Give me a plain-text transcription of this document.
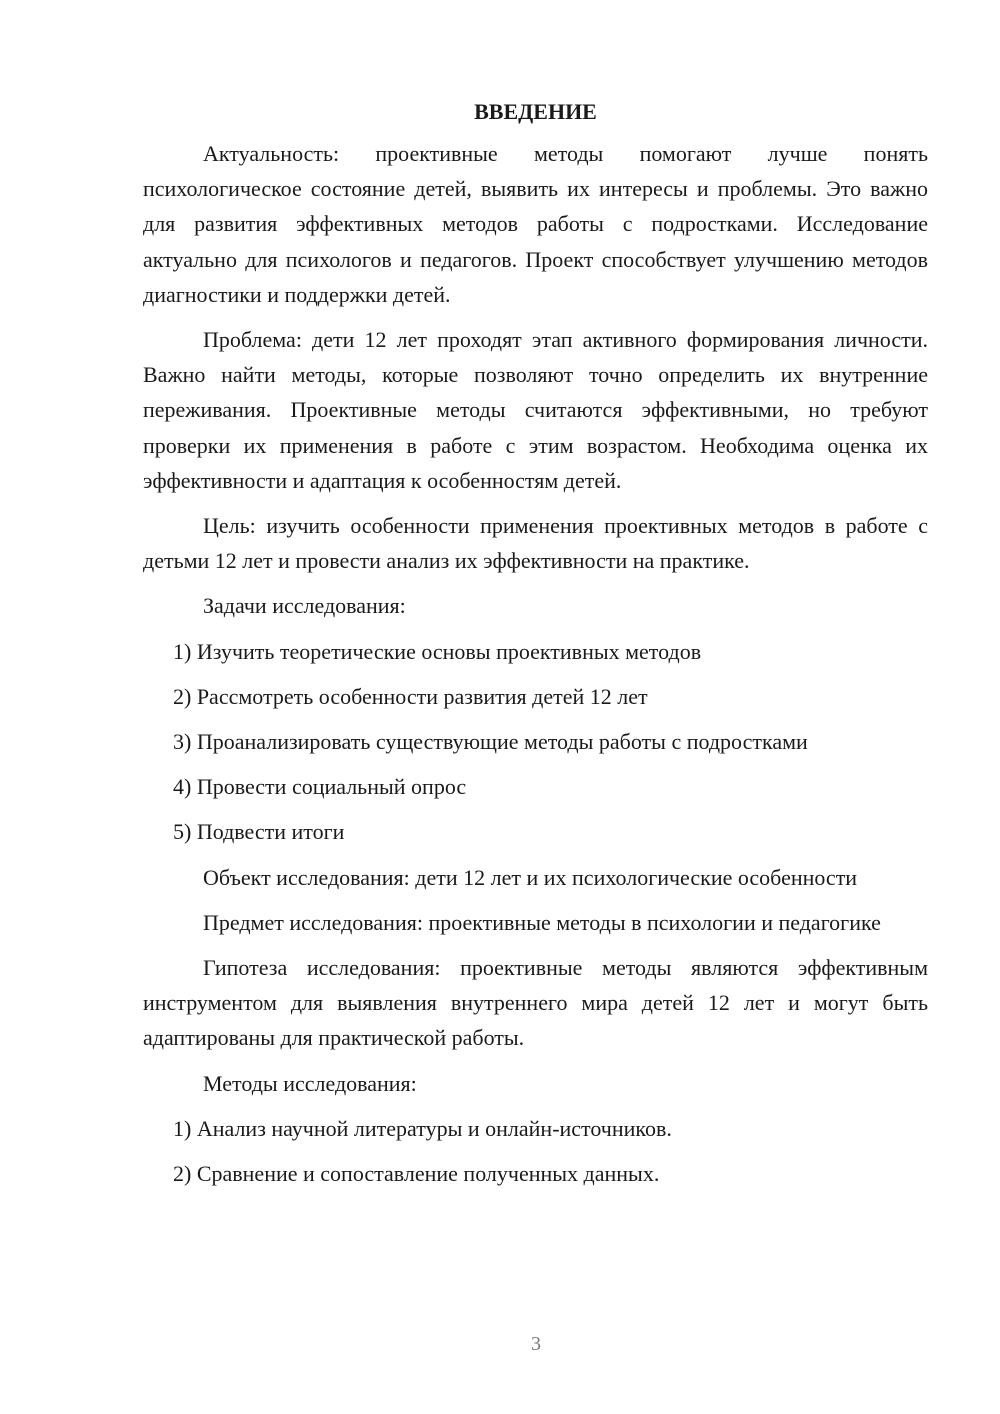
ВВЕДЕНИЕ

Актуальность: проективные методы помогают лучше понять психологическое состояние детей, выявить их интересы и проблемы. Это важно для развития эффективных методов работы с подростками. Исследование актуально для психологов и педагогов. Проект способствует улучшению методов диагностики и поддержки детей.

Проблема: дети 12 лет проходят этап активного формирования личности. Важно найти методы, которые позволяют точно определить их внутренние переживания. Проективные методы считаются эффективными, но требуют проверки их применения в работе с этим возрастом. Необходима оценка их эффективности и адаптация к особенностям детей.

Цель: изучить особенности применения проективных методов в работе с детьми 12 лет и провести анализ их эффективности на практике.

Задачи исследования:

1) Изучить теоретические основы проективных методов
2) Рассмотреть особенности развития детей 12 лет
3) Проанализировать существующие методы работы с подростками
4) Провести социальный опрос
5) Подвести итоги

Объект исследования: дети 12 лет и их психологические особенности

Предмет исследования: проективные методы в психологии и педагогике

Гипотеза исследования: проективные методы являются эффективным инструментом для выявления внутреннего мира детей 12 лет и могут быть адаптированы для практической работы.

Методы исследования:

1) Анализ научной литературы и онлайн-источников.
2) Сравнение и сопоставление полученных данных.
3
